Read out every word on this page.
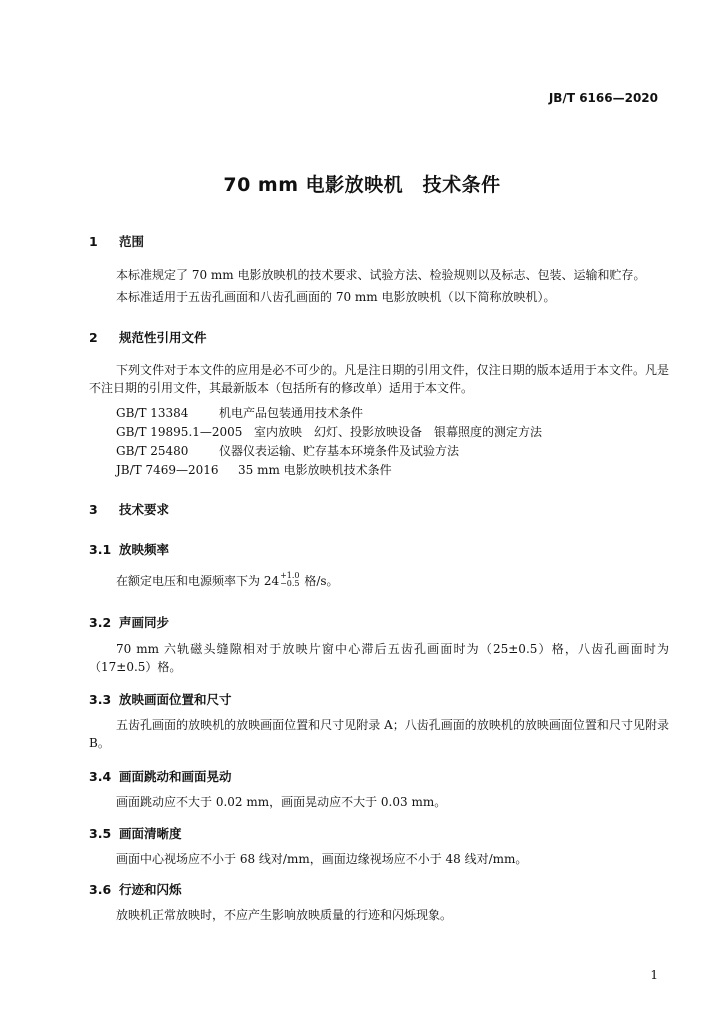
JB/T 6166—2020
70 mm 电影放映机　技术条件
1 范围
本标准规定了 70 mm 电影放映机的技术要求、试验方法、检验规则以及标志、包装、运输和贮存。
本标准适用于五齿孔画面和八齿孔画面的 70 mm 电影放映机（以下简称放映机）。
2 规范性引用文件
下列文件对于本文件的应用是必不可少的。凡是注日期的引用文件，仅注日期的版本适用于本文件。凡是不注日期的引用文件，其最新版本（包括所有的修改单）适用于本文件。
GB/T 13384	机电产品包装通用技术条件
GB/T 19895.1—2005 室内放映　幻灯、投影放映设备　银幕照度的测定方法
GB/T 25480	仪器仪表运输、贮存基本环境条件及试验方法
JB/T 7469—2016 35 mm 电影放映机技术条件
3 技术要求
3.1 放映频率
在额定电压和电源频率下为 24 $^{+1.0 -0.5}$ 格/s。
3.2 声画同步
70 mm 六轨磁头缝隙相对于放映片窗中心滞后五齿孔画面时为（25±0.5）格，八齿孔画面时为（17±0.5）格。
3.3 放映画面位置和尺寸
五齿孔画面的放映机的放映画面位置和尺寸见附录 A；八齿孔画面的放映机的放映画面位置和尺寸见附录 B。
3.4 画面跳动和画面晃动
画面跳动应不大于 0.02 mm，画面晃动应不大于 0.03 mm。
3.5 画面清晰度
画面中心视场应不小于 68 线对/mm，画面边缘视场应不小于 48 线对/mm。
3.6 行迹和闪烁
放映机正常放映时，不应产生影响放映质量的行迹和闪烁现象。
1
